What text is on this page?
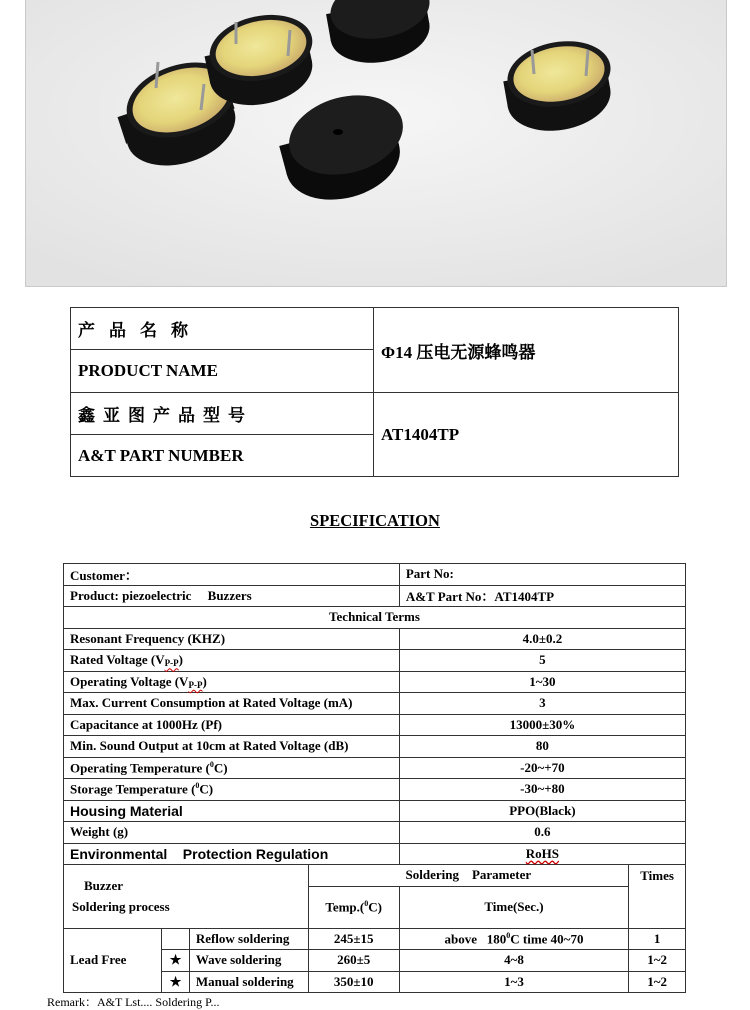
产品名称	Φ14 压电无源蜂鸣器
PRODUCT NAME	
鑫亚图产品型号	AT1404TP
A&T PART NUMBER	
SPECIFICATION
Customer：				Part No:	
Product: piezoelectric     Buzzers				A&T Part No：AT1404TP	
Technical Terms					
Resonant Frequency (KHZ)				4.0±0.2	
Rated Voltage $(V_{P-P})$				5	
Operating Voltage $(V_{P-P})$				1~30	
Max. Current Consumption at Rated Voltage (mA)				3	
Capacitance at 1000Hz (Pf)				13000±30%	
Min. Sound Output at 10cm at Rated Voltage (dB)				80	
Operating Temperature ($^0$C)				-20~+70	
Storage Temperature ($^0$C)				-30~+80	
Housing Material				PPO(Black)	
Weight (g)				0.6	
Environmental    Protection Regulation				RoHS	

Buzzer
Soldering process			Soldering    Parameter		Times
			Temp.($^0$C)	Time(Sec.)	
Lead Free		Reflow soldering	245±15	above   $180^0C$ time 40~70	1
	★	Wave soldering	260±5	4~8	1~2
	★	Manual soldering	350±10	1~3	1~2
Remark：A&T Lst.... Soldering P...
